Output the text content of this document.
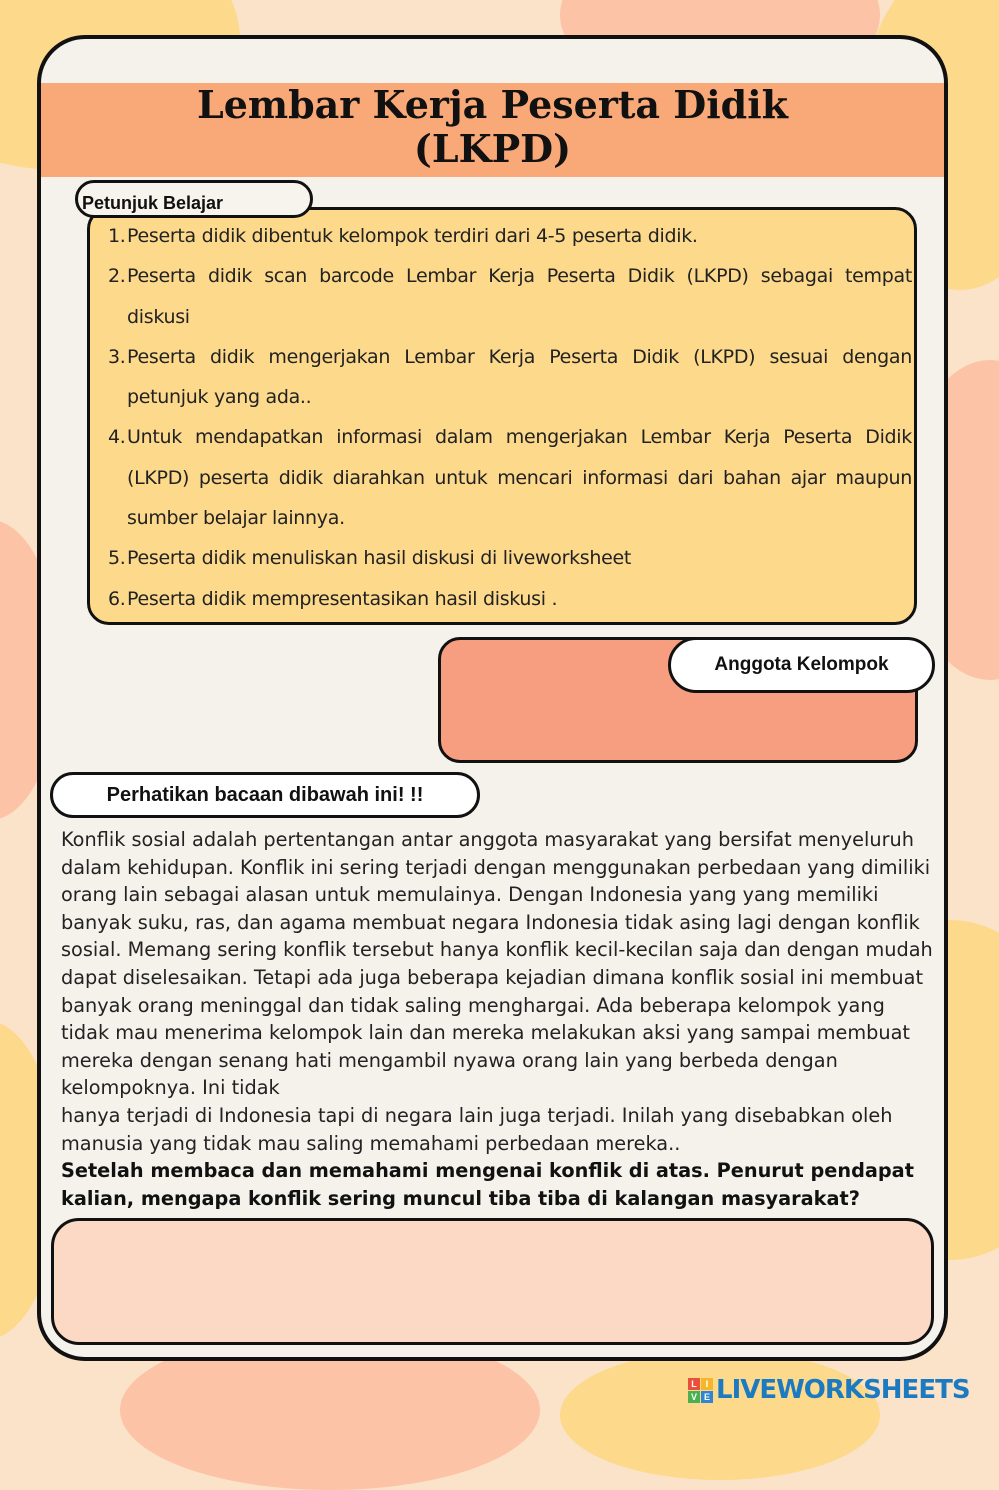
Lembar Kerja Peserta Didik
(LKPD)
1. Peserta didik dibentuk kelompok terdiri dari 4-5 peserta didik.
2. Peserta didik scan barcode Lembar Kerja Peserta Didik (LKPD) sebagai tempat diskusi
3. Peserta didik mengerjakan Lembar Kerja Peserta Didik (LKPD) sesuai dengan petunjuk yang ada..
4. Untuk mendapatkan informasi dalam mengerjakan Lembar Kerja Peserta Didik (LKPD) peserta didik diarahkan untuk mencari informasi dari bahan ajar maupun sumber belajar lainnya.
5. Peserta didik menuliskan hasil diskusi di liveworksheet
6. Peserta didik mempresentasikan hasil diskusi .
Petunjuk Belajar
Anggota Kelompok
Perhatikan bacaan dibawah ini! !!

Konflik sosial adalah pertentangan antar anggota masyarakat yang bersifat menyeluruh dalam kehidupan. Konflik ini sering terjadi dengan menggunakan perbedaan yang dimiliki orang lain sebagai alasan untuk memulainya. Dengan Indonesia yang yang memiliki banyak suku, ras, dan agama membuat negara Indonesia tidak asing lagi dengan konflik sosial. Memang sering konflik tersebut hanya konflik kecil-kecilan saja dan dengan mudah dapat diselesaikan. Tetapi ada juga beberapa kejadian dimana konflik sosial ini membuat banyak orang meninggal dan tidak saling menghargai. Ada beberapa kelompok yang tidak mau menerima kelompok lain dan mereka melakukan aksi yang sampai membuat mereka dengan senang hati mengambil nyawa orang lain yang berbeda dengan kelompoknya. Ini tidak

hanya terjadi di Indonesia tapi di negara lain juga terjadi. Inilah yang disebabkan oleh manusia yang tidak mau saling memahami perbedaan mereka..

Setelah membaca dan memahami mengenai konflik di atas. Penurut pendapat kalian, mengapa konflik sering muncul tiba tiba di kalangan masyarakat?

L I
V E LIVEWORKSHEETS
